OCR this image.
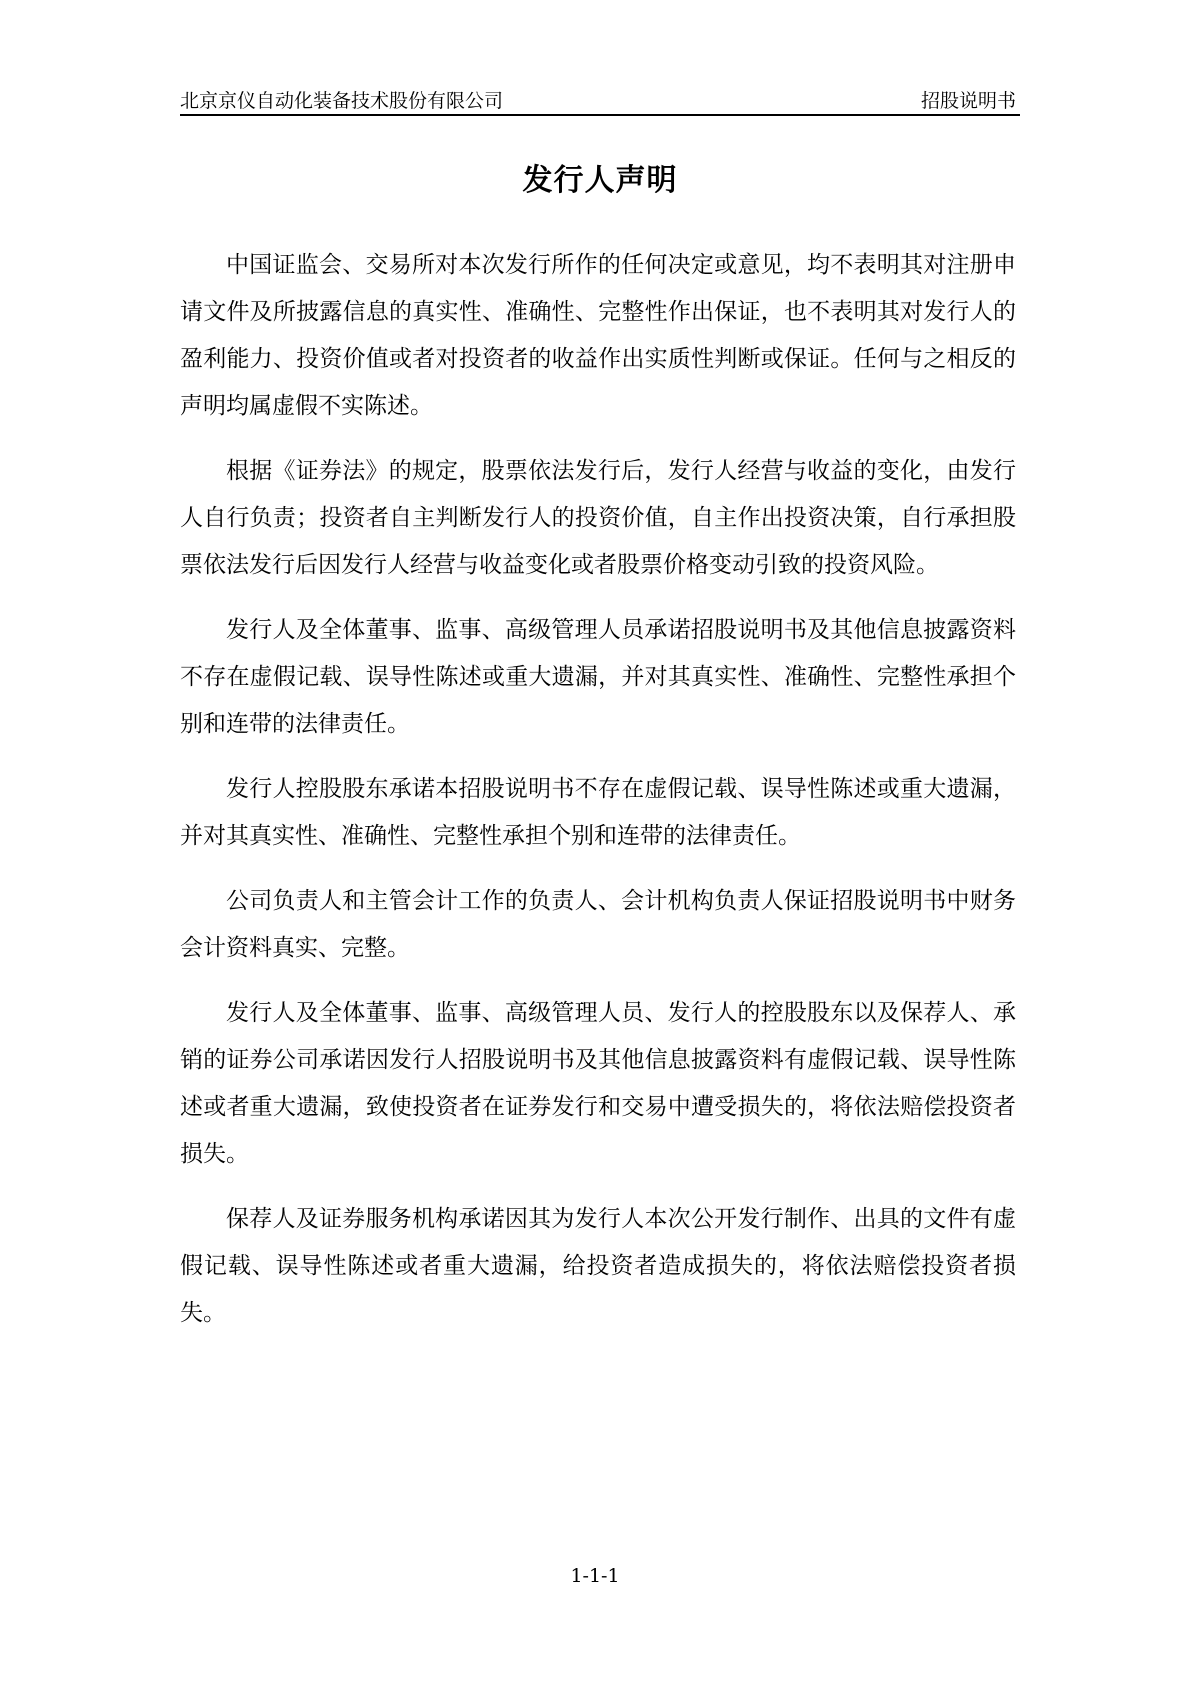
北京京仪自动化装备技术股份有限公司	招股说明书
发行人声明

中国证监会、交易所对本次发行所作的任何决定或意见，均不表明其对注册申请文件及所披露信息的真实性、准确性、完整性作出保证，也不表明其对发行人的盈利能力、投资价值或者对投资者的收益作出实质性判断或保证。任何与之相反的声明均属虚假不实陈述。

根据《证券法》的规定，股票依法发行后，发行人经营与收益的变化，由发行人自行负责；投资者自主判断发行人的投资价值，自主作出投资决策，自行承担股票依法发行后因发行人经营与收益变化或者股票价格变动引致的投资风险。

发行人及全体董事、监事、高级管理人员承诺招股说明书及其他信息披露资料不存在虚假记载、误导性陈述或重大遗漏，并对其真实性、准确性、完整性承担个别和连带的法律责任。

发行人控股股东承诺本招股说明书不存在虚假记载、误导性陈述或重大遗漏，并对其真实性、准确性、完整性承担个别和连带的法律责任。

公司负责人和主管会计工作的负责人、会计机构负责人保证招股说明书中财务会计资料真实、完整。

发行人及全体董事、监事、高级管理人员、发行人的控股股东以及保荐人、承销的证券公司承诺因发行人招股说明书及其他信息披露资料有虚假记载、误导性陈述或者重大遗漏，致使投资者在证券发行和交易中遭受损失的，将依法赔偿投资者损失。

保荐人及证券服务机构承诺因其为发行人本次公开发行制作、出具的文件有虚假记载、误导性陈述或者重大遗漏，给投资者造成损失的，将依法赔偿投资者损失。

1-1-1
